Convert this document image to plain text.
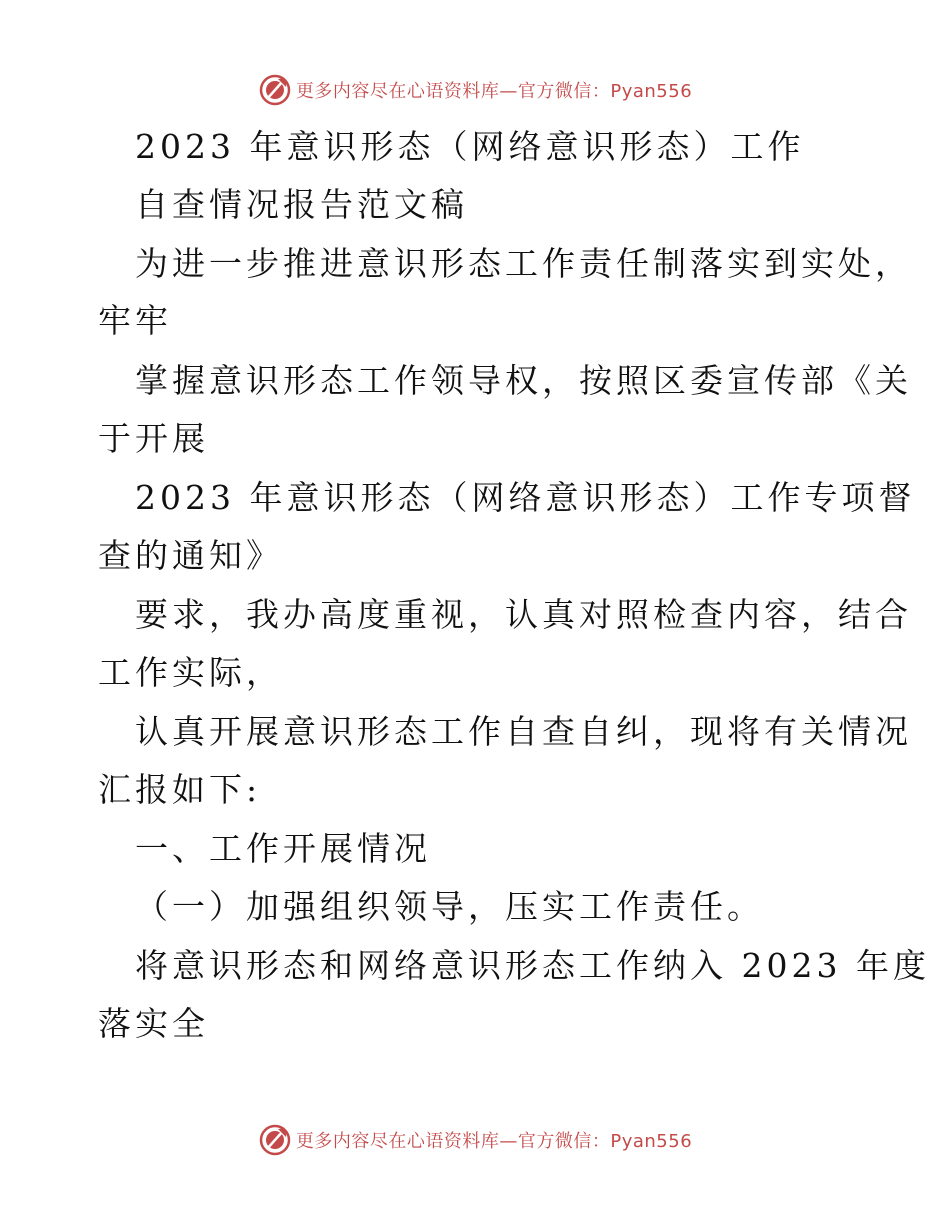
更多内容尽在心语资料库—官方微信：Pyan556
2023 年意识形态（网络意识形态）工作
自查情况报告范文稿
为进一步推进意识形态工作责任制落实到实处，
牢牢
掌握意识形态工作领导权，按照区委宣传部《关
于开展
2023 年意识形态（网络意识形态）工作专项督
查的通知》
要求，我办高度重视，认真对照检查内容，结合
工作实际，
认真开展意识形态工作自查自纠，现将有关情况
汇报如下:
一、工作开展情况
（一）加强组织领导，压实工作责任。
将意识形态和网络意识形态工作纳入 2023 年度
落实全
更多内容尽在心语资料库—官方微信：Pyan556
